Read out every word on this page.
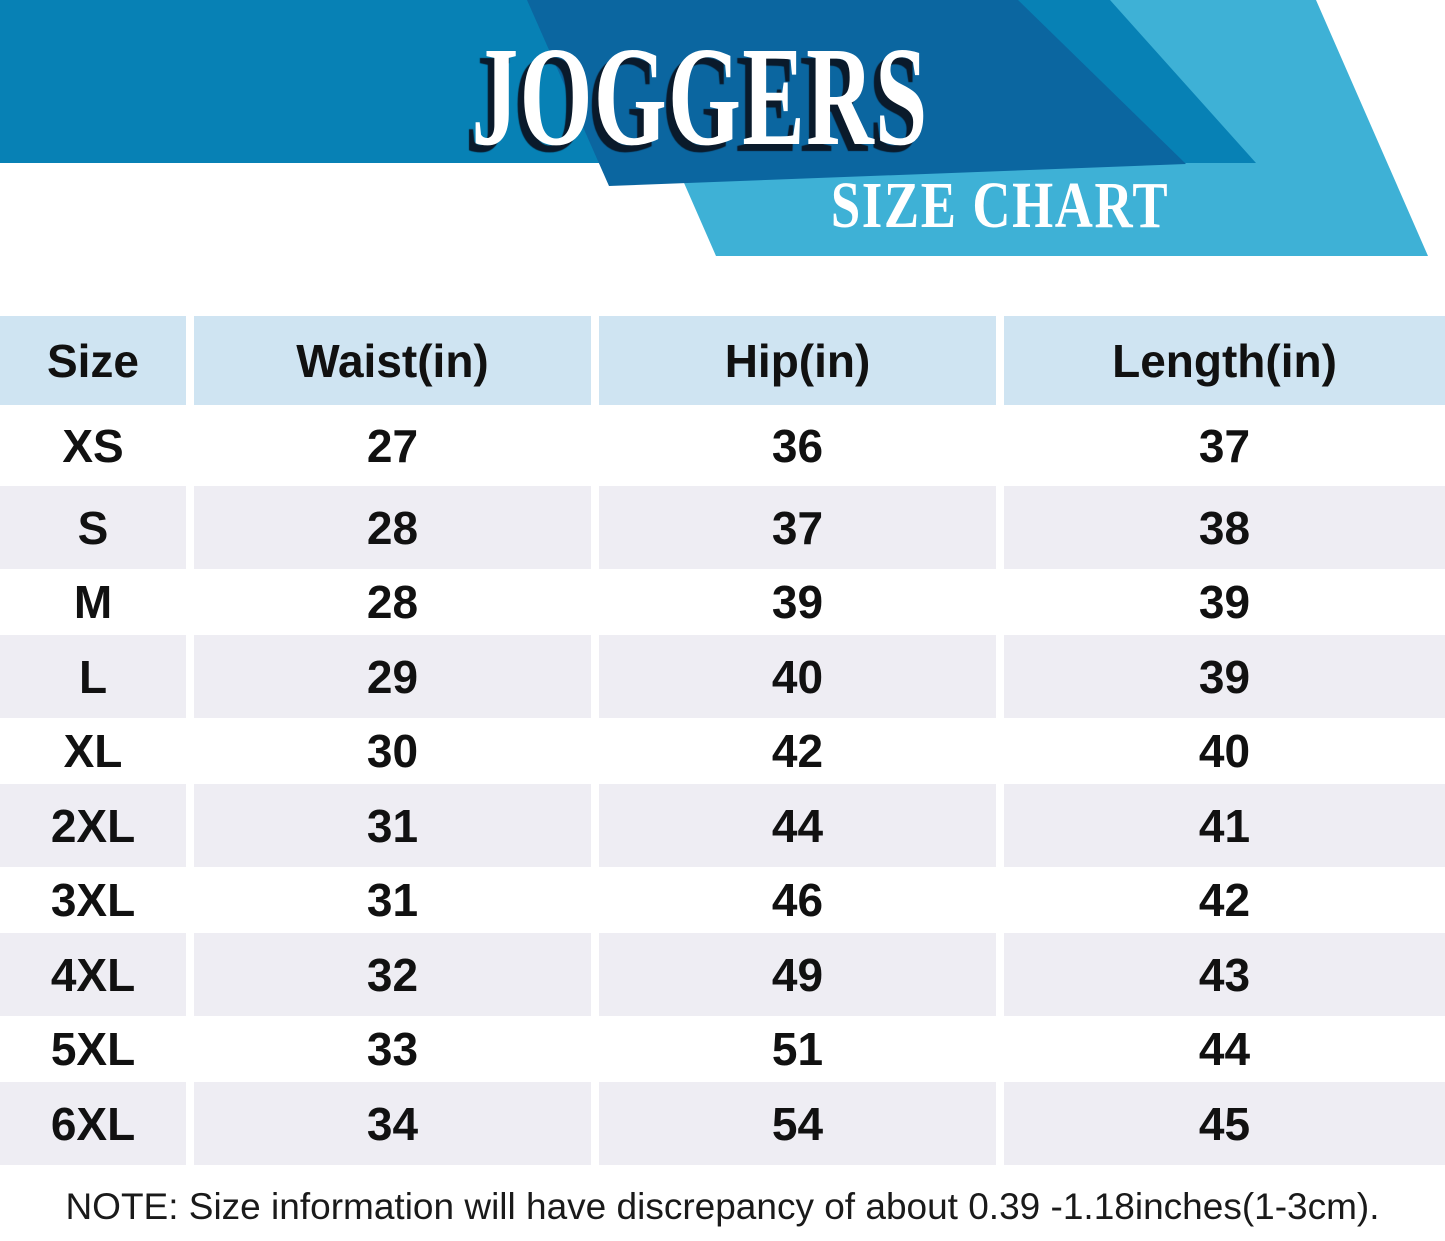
JOGGERS
SIZE CHART
Size	Waist(in)	Hip(in)	Length(in)
XS	27	36	37
S	28	37	38
M	28	39	39
L	29	40	39
XL	30	42	40
2XL	31	44	41
3XL	31	46	42
4XL	32	49	43
5XL	33	51	44
6XL	34	54	45
NOTE: Size information will have discrepancy of about 0.39 -1.18inches(1-3cm).
